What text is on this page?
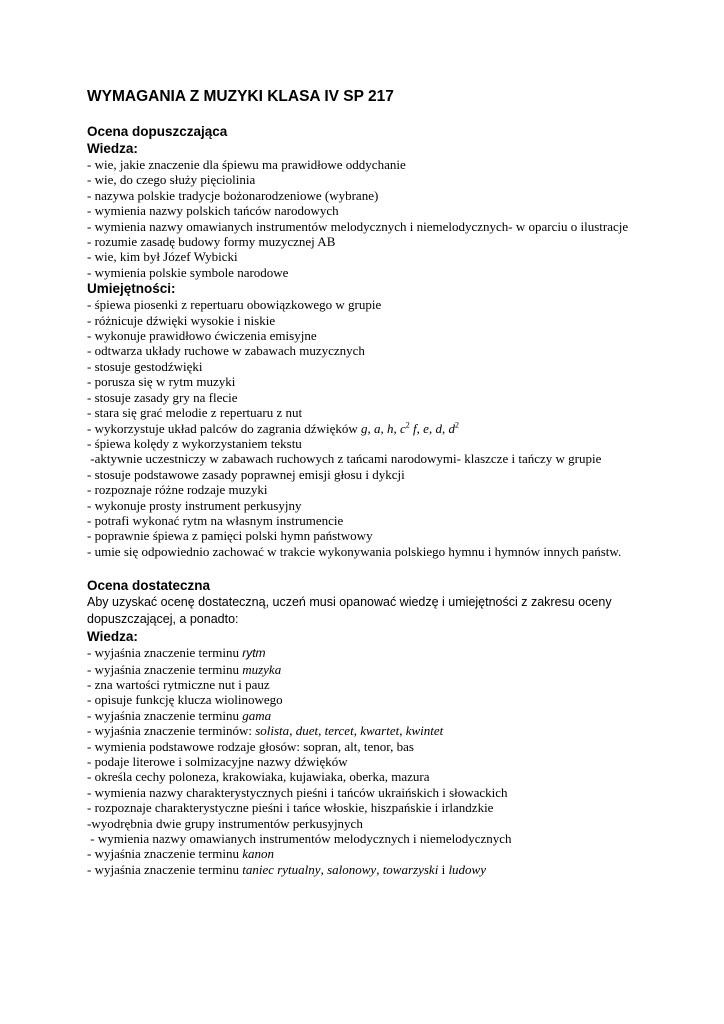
WYMAGANIA Z MUZYKI KLASA IV SP 217
Ocena dopuszczająca
Wiedza:
- wie, jakie znaczenie dla śpiewu ma prawidłowe oddychanie
- wie, do czego służy pięciolinia
- nazywa polskie tradycje bożonarodzeniowe (wybrane)
- wymienia nazwy polskich tańców narodowych
- wymienia nazwy omawianych instrumentów melodycznych i niemelodycznych- w oparciu o ilustracje
- rozumie zasadę budowy formy muzycznej AB
- wie, kim był Józef Wybicki
- wymienia polskie symbole narodowe
Umiejętności:
- śpiewa piosenki z repertuaru obowiązkowego w grupie
- różnicuje dźwięki wysokie i niskie
- wykonuje prawidłowo ćwiczenia emisyjne
- odtwarza układy ruchowe w zabawach muzycznych
- stosuje gestodźwięki
- porusza się w rytm muzyki
- stosuje zasady gry na flecie
- stara się grać melodie z repertuaru z nut
- wykorzystuje układ palców do zagrania dźwięków g, a, h, $c^2$ f, e, d, $d^2$
- śpiewa kolędy z wykorzystaniem tekstu
-aktywnie uczestniczy w zabawach ruchowych z tańcami narodowymi- klaszcze i tańczy w grupie
- stosuje podstawowe zasady poprawnej emisji głosu i dykcji
- rozpoznaje różne rodzaje muzyki
- wykonuje prosty instrument perkusyjny
- potrafi wykonać rytm na własnym instrumencie
- poprawnie śpiewa z pamięci polski hymn państwowy
- umie się odpowiednio zachować w trakcie wykonywania polskiego hymnu i hymnów innych państw.
Ocena dostateczna

Aby uzyskać ocenę dostateczną, uczeń musi opanować wiedzę i umiejętności z zakresu oceny dopuszczającej, a ponadto:

Wiedza:
- wyjaśnia znaczenie terminu rytm
- wyjaśnia znaczenie terminu muzyka
- zna wartości rytmiczne nut i pauz
- opisuje funkcję klucza wiolinowego
- wyjaśnia znaczenie terminu gama
- wyjaśnia znaczenie terminów: solista, duet, tercet, kwartet, kwintet
- wymienia podstawowe rodzaje głosów: sopran, alt, tenor, bas
- podaje literowe i solmizacyjne nazwy dźwięków
- określa cechy poloneza, krakowiaka, kujawiaka, oberka, mazura
- wymienia nazwy charakterystycznych pieśni i tańców ukraińskich i słowackich
- rozpoznaje charakterystyczne pieśni i tańce włoskie, hiszpańskie i irlandzkie
-wyodrębnia dwie grupy instrumentów perkusyjnych
- wymienia nazwy omawianych instrumentów melodycznych i niemelodycznych
- wyjaśnia znaczenie terminu kanon
- wyjaśnia znaczenie terminu taniec rytualny, salonowy, towarzyski i ludowy
